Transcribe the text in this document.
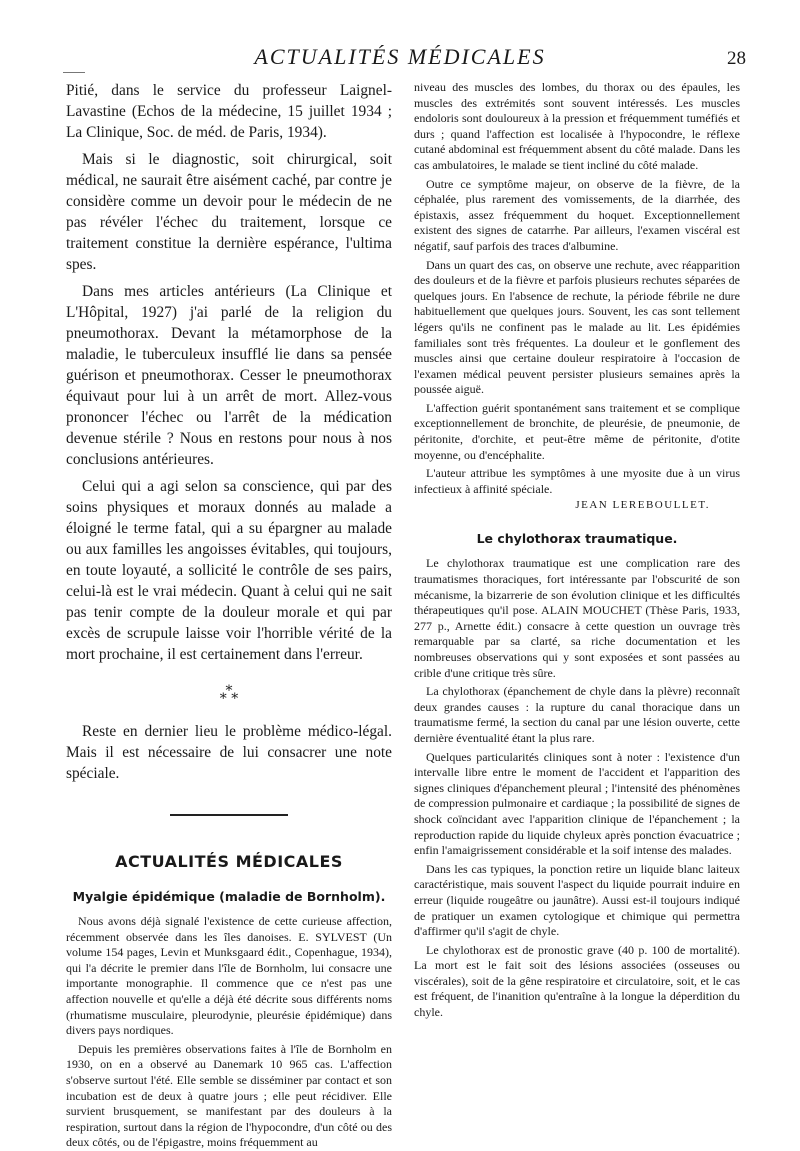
ACTUALITÉS MÉDICALES	28

Pitié, dans le service du professeur Laignel-Lavastine (Echos de la médecine, 15 juillet 1934 ; La Clinique, Soc. de méd. de Paris, 1934).

Mais si le diagnostic, soit chirurgical, soit médical, ne saurait être aisément caché, par contre je considère comme un devoir pour le médecin de ne pas révéler l'échec du traitement, lorsque ce traitement constitue la dernière espérance, l'ultima spes.

Dans mes articles antérieurs (La Clinique et L'Hôpital, 1927) j'ai parlé de la religion du pneumothorax. Devant la métamorphose de la maladie, le tuberculeux insufflé lie dans sa pensée guérison et pneumothorax. Cesser le pneumothorax équivaut pour lui à un arrêt de mort. Allez-vous prononcer l'échec ou l'arrêt de la médication devenue stérile ? Nous en restons pour nous à nos conclusions antérieures.

Celui qui a agi selon sa conscience, qui par des soins physiques et moraux donnés au malade a éloigné le terme fatal, qui a su épargner au malade ou aux familles les angoisses évitables, qui toujours, en toute loyauté, a sollicité le contrôle de ses pairs, celui-là est le vrai médecin. Quant à celui qui ne sait pas tenir compte de la douleur morale et qui par excès de scrupule laisse voir l'horrible vérité de la mort prochaine, il est certainement dans l'erreur.

*
* *

Reste en dernier lieu le problème médico-légal. Mais il est nécessaire de lui consacrer une note spéciale.

ACTUALITÉS MÉDICALES
Myalgie épidémique (maladie de Bornholm).

Nous avons déjà signalé l'existence de cette curieuse affection, récemment observée dans les îles danoises. E. SYLVEST (Un volume 154 pages, Levin et Munksgaard édit., Copenhague, 1934), qui l'a décrite le premier dans l'île de Bornholm, lui consacre une importante monographie. Il commence que ce n'est pas une affection nouvelle et qu'elle a déjà été décrite sous différents noms (rhumatisme musculaire, pleurodynie, pleurésie épidémique) dans divers pays nordiques.

Depuis les premières observations faites à l'île de Bornholm en 1930, on en a observé au Danemark 10 965 cas. L'affection s'observe surtout l'été. Elle semble se disséminer par contact et son incubation est de deux à quatre jours ; elle peut récidiver. Elle survient brusquement, se manifestant par des douleurs à la respiration, surtout dans la région de l'hypocondre, d'un côté ou des deux côtés, ou de l'épigastre, moins fréquemment au

niveau des muscles des lombes, du thorax ou des épaules, les muscles des extrémités sont souvent intéressés. Les muscles endoloris sont douloureux à la pression et fréquemment tuméfiés et durs ; quand l'affection est localisée à l'hypocondre, le réflexe cutané abdominal est fréquemment absent du côté malade. Dans les cas ambulatoires, le malade se tient incliné du côté malade.

Outre ce symptôme majeur, on observe de la fièvre, de la céphalée, plus rarement des vomissements, de la diarrhée, des épistaxis, assez fréquemment du hoquet. Exceptionnellement existent des signes de catarrhe. Par ailleurs, l'examen viscéral est négatif, sauf parfois des traces d'albumine.

Dans un quart des cas, on observe une rechute, avec réapparition des douleurs et de la fièvre et parfois plusieurs rechutes séparées de quelques jours. En l'absence de rechute, la période fébrile ne dure habituellement que quelques jours. Souvent, les cas sont tellement légers qu'ils ne confinent pas le malade au lit. Les épidémies familiales sont très fréquentes. La douleur et le gonflement des muscles ainsi que certaine douleur respiratoire à l'occasion de l'examen médical peuvent persister plusieurs semaines après la poussée aiguë.

L'affection guérit spontanément sans traitement et se complique exceptionnellement de bronchite, de pleurésie, de pneumonie, de péritonite, d'orchite, et peut-être même de péritonite, d'otite moyenne, ou d'encéphalite.

L'auteur attribue les symptômes à une myosite due à un virus infectieux à affinité spéciale.

JEAN LEREBOULLET.
Le chylothorax traumatique.

Le chylothorax traumatique est une complication rare des traumatismes thoraciques, fort intéressante par l'obscurité de son mécanisme, la bizarrerie de son évolution clinique et les difficultés thérapeutiques qu'il pose. ALAIN MOUCHET (Thèse Paris, 1933, 277 p., Arnette édit.) consacre à cette question un ouvrage très remarquable par sa clarté, sa riche documentation et les nombreuses observations qui y sont exposées et sont passées au crible d'une critique très sûre.

La chylothorax (épanchement de chyle dans la plèvre) reconnaît deux grandes causes : la rupture du canal thoracique dans un traumatisme fermé, la section du canal par une lésion ouverte, cette dernière éventualité étant la plus rare.

Quelques particularités cliniques sont à noter : l'existence d'un intervalle libre entre le moment de l'accident et l'apparition des signes cliniques d'épanchement pleural ; l'intensité des phénomènes de compression pulmonaire et cardiaque ; la possibilité de signes de shock coïncidant avec l'apparition clinique de l'épanchement ; la reproduction rapide du liquide chyleux après ponction évacuatrice ; enfin l'amaigrissement considérable et la soif intense des malades.

Dans les cas typiques, la ponction retire un liquide blanc laiteux caractéristique, mais souvent l'aspect du liquide pourrait induire en erreur (liquide rougeâtre ou jaunâtre). Aussi est-il toujours indiqué de pratiquer un examen cytologique et chimique qui permettra d'affirmer qu'il s'agit de chyle.

Le chylothorax est de pronostic grave (40 p. 100 de mortalité). La mort est le fait soit des lésions associées (osseuses ou viscérales), soit de la gêne respiratoire et circulatoire, soit, et le cas est fréquent, de l'inanition qu'entraîne à la longue la déperdition du chyle.
